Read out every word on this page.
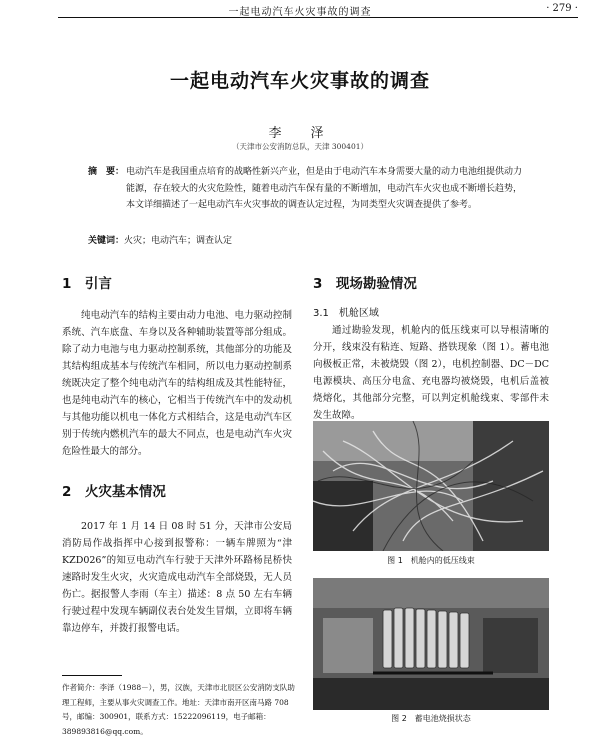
一起电动汽车火灾事故的调查	· 279 ·
一起电动汽车火灾事故的调查
李　泽
（天津市公安消防总队，天津 300401）
摘　要： 电动汽车是我国重点培育的战略性新兴产业，但是由于电动汽车本身需要大量的动力电池组提供动力能源，存在较大的火灾危险性，随着电动汽车保有量的不断增加，电动汽车火灾也成不断增长趋势，本文详细描述了一起电动汽车火灾事故的调查认定过程，为同类型火灾调查提供了参考。
关键词：火灾；电动汽车；调查认定
1　引言

纯电动汽车的结构主要由动力电池、电力驱动控制系统、汽车底盘、车身以及各种辅助装置等部分组成。除了动力电池与电力驱动控制系统，其他部分的功能及其结构组成基本与传统汽车相同，所以电力驱动控制系统既决定了整个纯电动汽车的结构组成及其性能特征，也是纯电动汽车的核心，它相当于传统汽车中的发动机与其他功能以机电一体化方式相结合，这是电动汽车区别于传统内燃机汽车的最大不同点，也是电动汽车火灾危险性最大的部分。

2　火灾基本情况

2017 年 1 月 14 日 08 时 51 分，天津市公安局消防局作战指挥中心接到报警称：一辆车牌照为“津 KZD026”的知豆电动汽车行驶于天津外环路杨昆桥快速路时发生火灾，火灾造成电动汽车全部烧毁，无人员伤亡。据报警人李雨（车主）描述：8 点 50 左右车辆行驶过程中发现车辆副仪表台处发生冒烟，立即将车辆靠边停车，并拨打报警电话。

3　现场勘验情况
3.1　机舱区域

通过勘验发现，机舱内的低压线束可以导根清晰的分开，线束没有粘连、短路、搭铁现象（图 1）。蓄电池向极板正常，未被烧毁（图 2），电机控制器、DC－DC 电源模块、高压分电盒、充电器均被烧毁，电机后盖被烧熔化，其他部分完整，可以判定机舱线束、零部件未发生故障。

图 1　机舱内的低压线束
图 2　蓄电池烧损状态
作者简介：李泽（1988－），男，汉族，天津市北辰区公安消防支队助理工程师，主要从事火灾调查工作。地址：天津市南开区南马路 708 号，邮编：300901，联系方式：15222096119，电子邮箱：389893816@qq.com。
